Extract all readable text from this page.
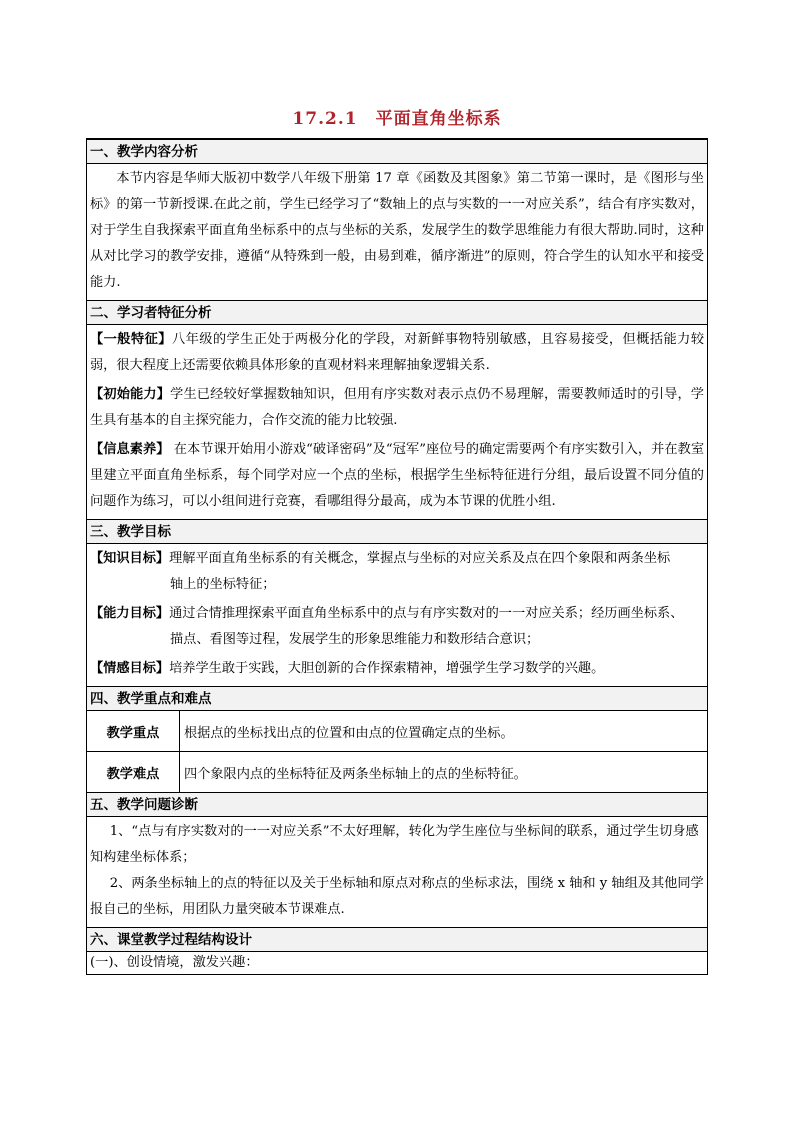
17.2.1　平面直角坐标系
一、教学内容分析
本节内容是华师大版初中数学八年级下册第 17 章《函数及其图象》第二节第一课时，是《图形与坐标》的第一节新授课.在此之前，学生已经学习了“数轴上的点与实数的一一对应关系”，结合有序实数对，对于学生自我探索平面直角坐标系中的点与坐标的关系，发展学生的数学思维能力有很大帮助.同时，这种从对比学习的教学安排，遵循“从特殊到一般，由易到难，循序渐进”的原则，符合学生的认知水平和接受能力.
二、学习者特征分析
【一般特征】八年级的学生正处于两极分化的学段，对新鲜事物特别敏感，且容易接受，但概括能力较弱，很大程度上还需要依赖具体形象的直观材料来理解抽象逻辑关系.
【初始能力】学生已经较好掌握数轴知识，但用有序实数对表示点仍不易理解，需要教师适时的引导，学生具有基本的自主探究能力，合作交流的能力比较强.
【信息素养】 在本节课开始用小游戏“破译密码”及“冠军”座位号的确定需要两个有序实数引入，并在教室里建立平面直角坐标系，每个同学对应一个点的坐标，根据学生坐标特征进行分组，最后设置不同分值的问题作为练习，可以小组间进行竞赛，看哪组得分最高，成为本节课的优胜小组.
三、教学目标
【知识目标】 理解平面直角坐标系的有关概念，掌握点与坐标的对应关系及点在四个象限和两条坐标
轴上的坐标特征；
【能力目标】 通过合情推理探索平面直角坐标系中的点与有序实数对的一一对应关系；经历画坐标系、
描点、看图等过程，发展学生的形象思维能力和数形结合意识；
【情感目标】 培养学生敢于实践，大胆创新的合作探索精神，增强学生学习数学的兴趣。
四、教学重点和难点
教学重点	根据点的坐标找出点的位置和由点的位置确定点的坐标。
教学难点	四个象限内点的坐标特征及两条坐标轴上的点的坐标特征。
五、教学问题诊断

1、“点与有序实数对的一一对应关系”不太好理解，转化为学生座位与坐标间的联系，通过学生切身感知构建坐标体系；

2、两条坐标轴上的点的特征以及关于坐标轴和原点对称点的坐标求法，围绕 x 轴和 y 轴组及其他同学报自己的坐标，用团队力量突破本节课难点.

六、课堂教学过程结构设计
(一)、创设情境，激发兴趣：
